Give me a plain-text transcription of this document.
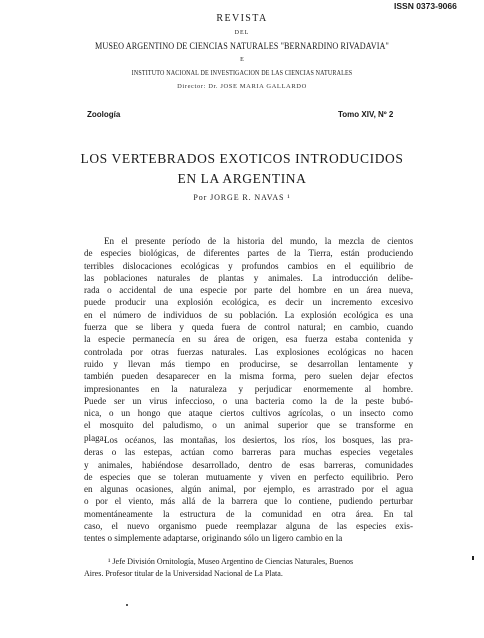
ISSN 0373-9066
REVISTA
DEL
MUSEO ARGENTINO DE CIENCIAS NATURALES "BERNARDINO RIVADAVIA"
E
INSTITUTO NACIONAL DE INVESTIGACION DE LAS CIENCIAS NATURALES
Director: Dr. JOSE MARIA GALLARDO
Zoología	Tomo XIV, Nº 2
LOS VERTEBRADOS EXOTICOS INTRODUCIDOS
EN LA ARGENTINA
Por JORGE R. NAVAS ¹

En el presente período de la historia del mundo, la mezcla de cientos
de especies biológicas, de diferentes partes de la Tierra, están produciendo
terribles dislocaciones ecológicas y profundos cambios en el equilibrio de
las poblaciones naturales de plantas y animales. La introducción delibe-
rada o accidental de una especie por parte del hombre en un área nueva,
puede producir una explosión ecológica, es decir un incremento excesivo
en el número de individuos de su población. La explosión ecológica es una
fuerza que se libera y queda fuera de control natural; en cambio, cuando
la especie permanecía en su área de origen, esa fuerza estaba contenida y
controlada por otras fuerzas naturales. Las explosiones ecológicas no hacen
ruido y llevan más tiempo en producirse, se desarrollan lentamente y
también pueden desaparecer en la misma forma, pero suelen dejar efectos
impresionantes en la naturaleza y perjudicar enormemente al hombre.
Puede ser un virus infeccioso, o una bacteria como la de la peste bubó-
nica, o un hongo que ataque ciertos cultivos agrícolas, o un insecto como
el mosquito del paludismo, o un animal superior que se transforme en
plaga.

Los océanos, las montañas, los desiertos, los ríos, los bosques, las pra-
deras o las estepas, actúan como barreras para muchas especies vegetales
y animales, habiéndose desarrollado, dentro de esas barreras, comunidades
de especies que se toleran mutuamente y viven en perfecto equilibrio. Pero
en algunas ocasiones, algún animal, por ejemplo, es arrastrado por el agua
o por el viento, más allá de la barrera que lo contiene, pudiendo perturbar
momentáneamente la estructura de la comunidad en otra área. En tal
caso, el nuevo organismo puede reemplazar alguna de las especies exis-
tentes o simplemente adaptarse, originando sólo un ligero cambio en la

¹ Jefe División Ornitología, Museo Argentino de Ciencias Naturales, Buenos
Aires. Profesor titular de la Universidad Nacional de La Plata.
